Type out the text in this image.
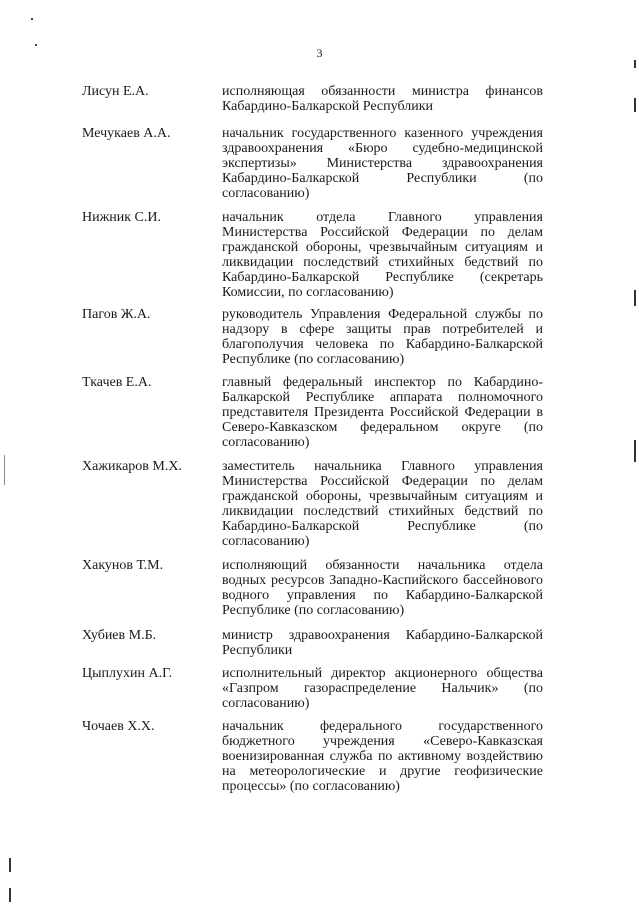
3
Лисун Е.А.	исполняющая обязанности министра финансов Кабардино-Балкарской Республики
Мечукаев А.А.	начальник государственного казенного учреждения здравоохранения «Бюро судебно-медицинской экспертизы» Министерства здравоохранения Кабардино-Балкарской Республики (по согласованию)
Нижник С.И.	начальник отдела Главного управления Министерства Российской Федерации по делам гражданской обороны, чрезвычайным ситуациям и ликвидации последствий стихийных бедствий по Кабардино-Балкарской Республике (секретарь Комиссии, по согласованию)
Пагов Ж.А.	руководитель Управления Федеральной службы по надзору в сфере защиты прав потребителей и благополучия человека по Кабардино-Балкарской Республике (по согласованию)
Ткачев Е.А.	главный федеральный инспектор по Кабардино-Балкарской Республике аппарата полномочного представителя Президента Российской Федерации в Северо-Кавказском федеральном округе (по согласованию)
Хажикаров М.Х.	заместитель начальника Главного управления Министерства Российской Федерации по делам гражданской обороны, чрезвычайным ситуациям и ликвидации последствий стихийных бедствий по Кабардино-Балкарской Республике (по согласованию)
Хакунов Т.М.	исполняющий обязанности начальника отдела водных ресурсов Западно-Каспийского бассейнового водного управления по Кабардино-Балкарской Республике (по согласованию)
Хубиев М.Б.	министр здравоохранения Кабардино-Балкарской Республики
Цыплухин А.Г.	исполнительный директор акционерного общества «Газпром газораспределение Нальчик» (по согласованию)
Чочаев Х.Х.	начальник федерального государственного бюджетного учреждения «Северо-Кавказская военизированная служба по активному воздействию на метеорологические и другие геофизические процессы» (по согласованию)
